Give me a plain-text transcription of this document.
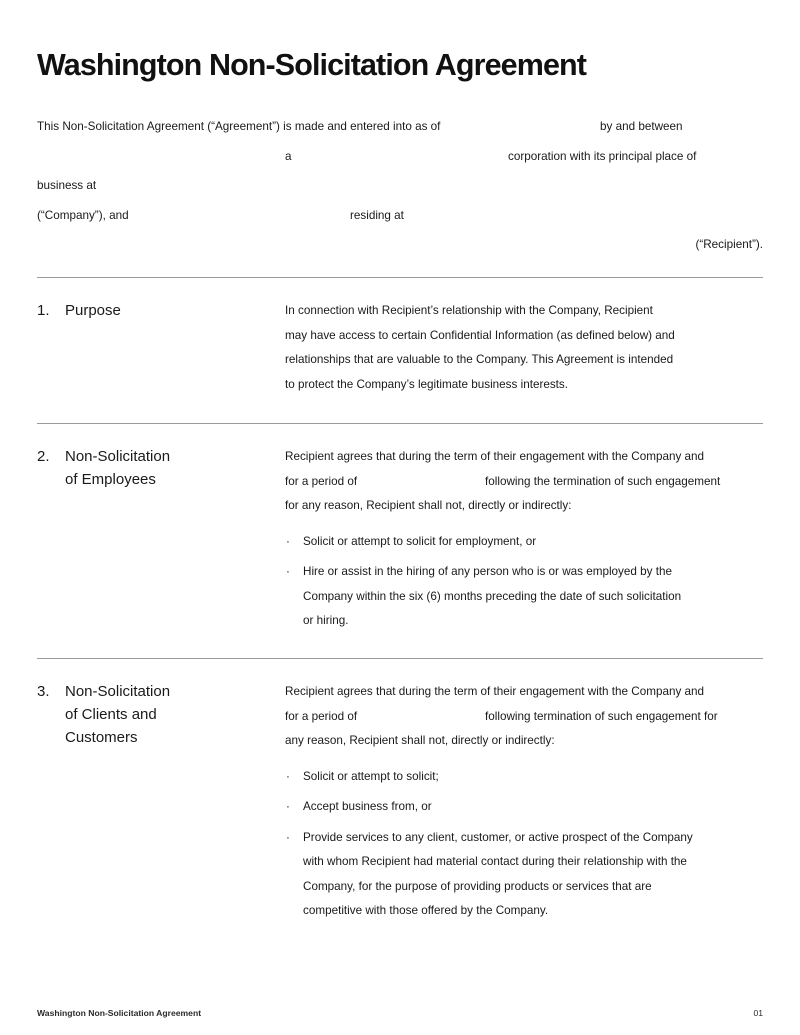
Washington Non-Solicitation Agreement
This Non-Solicitation Agreement (“Agreement”) is made and entered into as of	by and between
a	corporation with its principal place of
business at
(“Company”), and	residing at
(“Recipient”).
1. Purpose	In connection with Recipient’s relationship with the Company, Recipient
may have access to certain Confidential Information (as defined below) and
relationships that are valuable to the Company. This Agreement is intended
to protect the Company’s legitimate business interests.
2. Non-Solicitation
of Employees
Recipient agrees that during the term of their engagement with the Company and
for a period of	following the termination of such engagement
for any reason, Recipient shall not, directly or indirectly:
· Solicit or attempt to solicit for employment, or
· Hire or assist in the hiring of any person who is or was employed by the
Company within the six (6) months preceding the date of such solicitation
or hiring.
3. Non-Solicitation
of Clients and
Customers
Recipient agrees that during the term of their engagement with the Company and
for a period of	following termination of such engagement for
any reason, Recipient shall not, directly or indirectly:
· Solicit or attempt to solicit;
· Accept business from, or
· Provide services to any client, customer, or active prospect of the Company
with whom Recipient had material contact during their relationship with the
Company, for the purpose of providing products or services that are
competitive with those offered by the Company.
Washington Non-Solicitation Agreement	01
